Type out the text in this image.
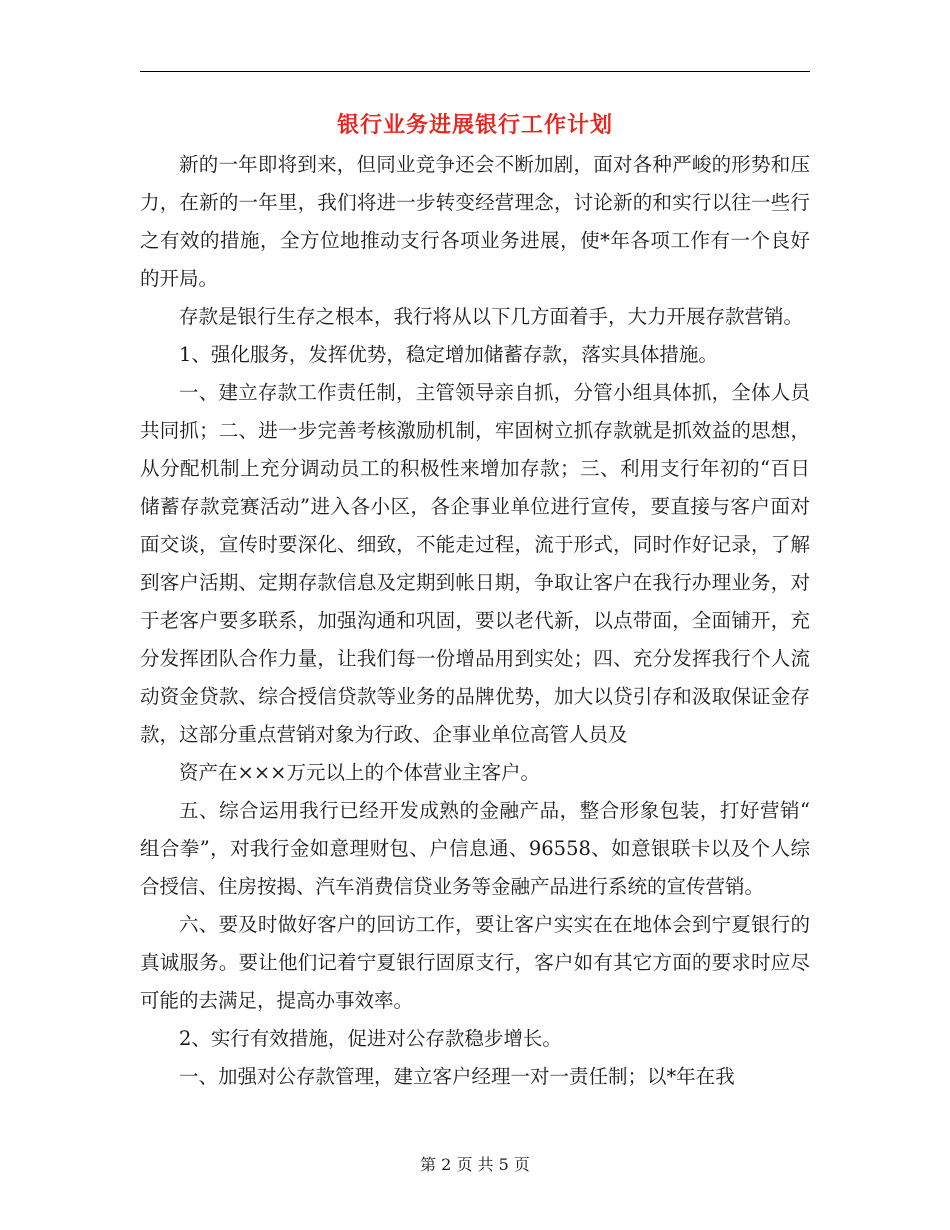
银行业务进展银行工作计划

新的一年即将到来，但同业竞争还会不断加剧，面对各种严峻的形势和压力，在新的一年里，我们将进一步转变经营理念，讨论新的和实行以往一些行之有效的措施，全方位地推动支行各项业务进展，使*年各项工作有一个良好的开局。

存款是银行生存之根本，我行将从以下几方面着手，大力开展存款营销。

1、强化服务，发挥优势，稳定增加储蓄存款，落实具体措施。

一、建立存款工作责任制，主管领导亲自抓，分管小组具体抓，全体人员共同抓；二、进一步完善考核激励机制，牢固树立抓存款就是抓效益的思想，从分配机制上充分调动员工的积极性来增加存款；三、利用支行年初的“百日储蓄存款竞赛活动”进入各小区，各企事业单位进行宣传，要直接与客户面对面交谈，宣传时要深化、细致，不能走过程，流于形式，同时作好记录，了解到客户活期、定期存款信息及定期到帐日期，争取让客户在我行办理业务，对于老客户要多联系，加强沟通和巩固，要以老代新，以点带面，全面铺开，充分发挥团队合作力量，让我们每一份增品用到实处；四、充分发挥我行个人流动资金贷款、综合授信贷款等业务的品牌优势，加大以贷引存和汲取保证金存款，这部分重点营销对象为行政、企事业单位高管人员及

资产在×××万元以上的个体营业主客户。

五、综合运用我行已经开发成熟的金融产品，整合形象包装，打好营销“组合拳”，对我行金如意理财包、户信息通、96558、如意银联卡以及个人综合授信、住房按揭、汽车消费信贷业务等金融产品进行系统的宣传营销。

六、要及时做好客户的回访工作，要让客户实实在在地体会到宁夏银行的真诚服务。要让他们记着宁夏银行固原支行，客户如有其它方面的要求时应尽可能的去满足，提高办事效率。

2、实行有效措施，促进对公存款稳步增长。

一、加强对公存款管理，建立客户经理一对一责任制；以*年在我

第 2 页 共 5 页
